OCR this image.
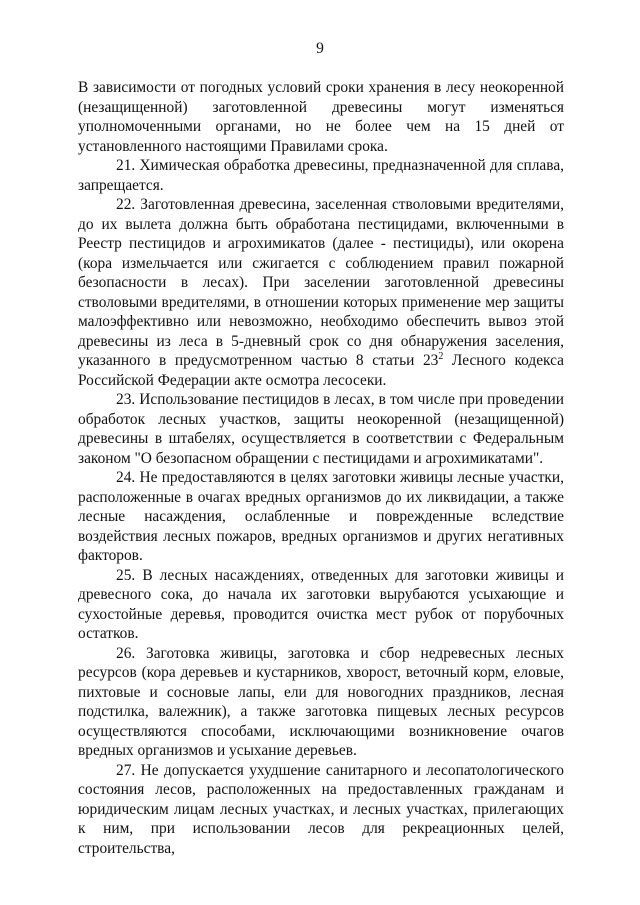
9

В зависимости от погодных условий сроки хранения в лесу неокоренной (незащищенной) заготовленной древесины могут изменяться уполномоченными органами, но не более чем на 15 дней от установленного настоящими Правилами срока.

21. Химическая обработка древесины, предназначенной для сплава, запрещается.

22. Заготовленная древесина, заселенная стволовыми вредителями, до их вылета должна быть обработана пестицидами, включенными в Реестр пестицидов и агрохимикатов (далее - пестициды), или окорена (кора измельчается или сжигается с соблюдением правил пожарной безопасности в лесах). При заселении заготовленной древесины стволовыми вредителями, в отношении которых применение мер защиты малоэффективно или невозможно, необходимо обеспечить вывоз этой древесины из леса в 5-дневный срок со дня обнаружения заселения, указанного в предусмотренном частью 8 статьи $23^2$ Лесного кодекса Российской Федерации акте осмотра лесосеки.

23. Использование пестицидов в лесах, в том числе при проведении обработок лесных участков, защиты неокоренной (незащищенной) древесины в штабелях, осуществляется в соответствии с Федеральным законом "О безопасном обращении с пестицидами и агрохимикатами".

24. Не предоставляются в целях заготовки живицы лесные участки, расположенные в очагах вредных организмов до их ликвидации, а также лесные насаждения, ослабленные и поврежденные вследствие воздействия лесных пожаров, вредных организмов и других негативных факторов.

25. В лесных насаждениях, отведенных для заготовки живицы и древесного сока, до начала их заготовки вырубаются усыхающие и сухостойные деревья, проводится очистка мест рубок от порубочных остатков.

26. Заготовка живицы, заготовка и сбор недревесных лесных ресурсов (кора деревьев и кустарников, хворост, веточный корм, еловые, пихтовые и сосновые лапы, ели для новогодних праздников, лесная подстилка, валежник), а также заготовка пищевых лесных ресурсов осуществляются способами, исключающими возникновение очагов вредных организмов и усыхание деревьев.

27. Не допускается ухудшение санитарного и лесопатологического состояния лесов, расположенных на предоставленных гражданам и юридическим лицам лесных участках, и лесных участках, прилегающих к ним, при использовании лесов для рекреационных целей, строительства,
